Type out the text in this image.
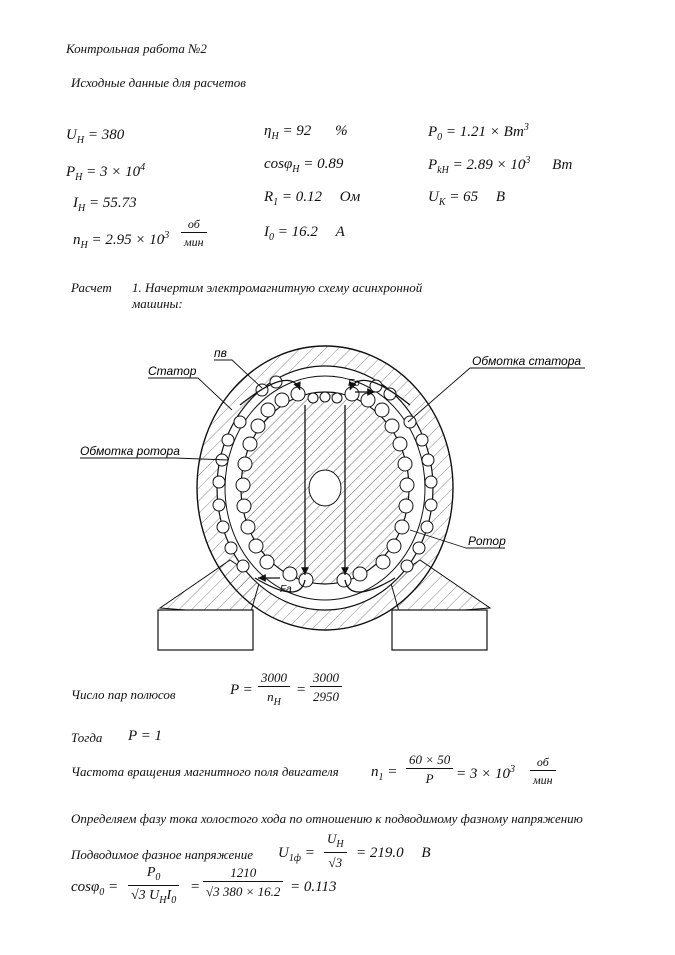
Контрольная работа №2
Исходные данные для расчетов
$U_H = 380$
$P_H = 3 \times 10^4$
$I_H = 55.73$
$n_H = 2.95 \times 10^3$
об
мин
$\eta_H = 92$ %
cosφ$_H$ = 0.89
$R_1 = 0.12$ Ом
$I_0 = 16.2$ А
$P_0 = 1.21 \times Вт^3$
$P_{kH} = 2.89 \times 10^3$ Вт
$U_K = 65$ В
Расчет 1. Начертим электромагнитную схему асинхронной
машины:
Статор
пв
Обмотка статора
Обмотка ротора
Ротор
Fо
Fа
Число пар полюсов	$P = \frac{3000}{n_H} = \frac{3000}{2950}$
Тогда P = 1
Частота вращения магнитного поля двигателя $n_1 = \frac{60 \times 50}{P} = 3 \times 10^3$
об
мин
Определяем фазу тока холостого хода по отношению к подводимому фазному напряжению
Подводимое фазное напряжение $U_{1ф} = \frac{U_H}{√3} = 219.0$ В
cosφ$_0$ =
$P_0$
√3 $U_HI_0$
= $\frac{1210}{√3 380 \times 16.2} = 0.113$
